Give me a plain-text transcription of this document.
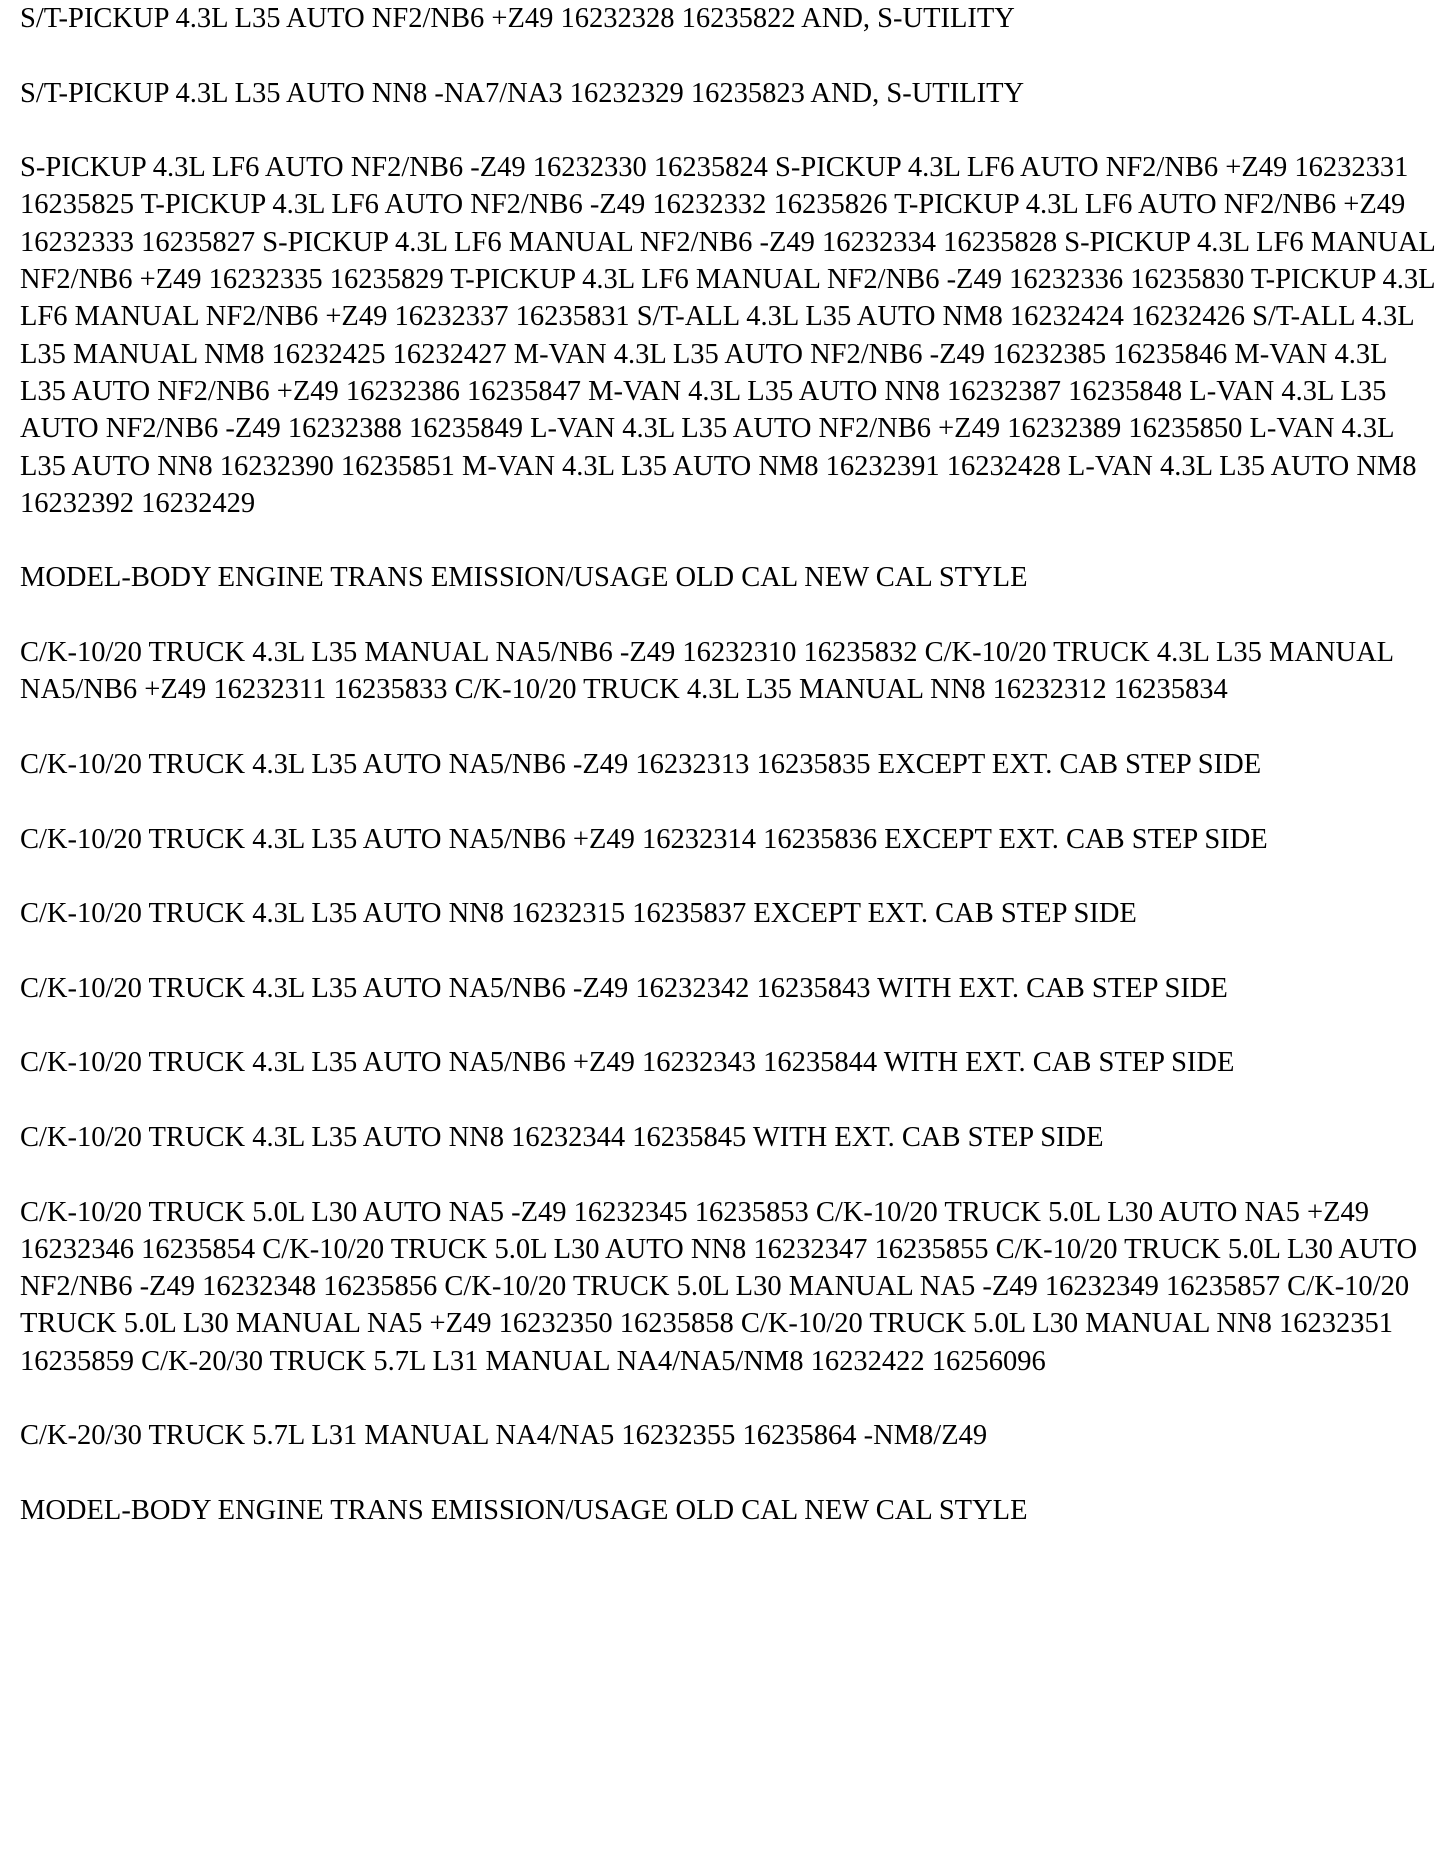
S/T-PICKUP 4.3L L35 AUTO NF2/NB6 +Z49 16232328 16235822 AND, S-UTILITY

S/T-PICKUP 4.3L L35 AUTO NN8 -NA7/NA3 16232329 16235823 AND, S-UTILITY

S-PICKUP 4.3L LF6 AUTO NF2/NB6 -Z49 16232330 16235824 S-PICKUP 4.3L LF6 AUTO NF2/NB6 +Z49 16232331 16235825 T-PICKUP 4.3L LF6 AUTO NF2/NB6 -Z49 16232332 16235826 T-PICKUP 4.3L LF6 AUTO NF2/NB6 +Z49 16232333 16235827 S-PICKUP 4.3L LF6 MANUAL NF2/NB6 -Z49 16232334 16235828 S-PICKUP 4.3L LF6 MANUAL NF2/NB6 +Z49 16232335 16235829 T-PICKUP 4.3L LF6 MANUAL NF2/NB6 -Z49 16232336 16235830 T-PICKUP 4.3L LF6 MANUAL NF2/NB6 +Z49 16232337 16235831 S/T-ALL 4.3L L35 AUTO NM8 16232424 16232426 S/T-ALL 4.3L L35 MANUAL NM8 16232425 16232427 M-VAN 4.3L L35 AUTO NF2/NB6 -Z49 16232385 16235846 M-VAN 4.3L L35 AUTO NF2/NB6 +Z49 16232386 16235847 M-VAN 4.3L L35 AUTO NN8 16232387 16235848 L-VAN 4.3L L35 AUTO NF2/NB6 -Z49 16232388 16235849 L-VAN 4.3L L35 AUTO NF2/NB6 +Z49 16232389 16235850 L-VAN 4.3L L35 AUTO NN8 16232390 16235851 M-VAN 4.3L L35 AUTO NM8 16232391 16232428 L-VAN 4.3L L35 AUTO NM8 16232392 16232429

MODEL-BODY ENGINE TRANS EMISSION/USAGE OLD CAL NEW CAL STYLE

C/K-10/20 TRUCK 4.3L L35 MANUAL NA5/NB6 -Z49 16232310 16235832 C/K-10/20 TRUCK 4.3L L35 MANUAL NA5/NB6 +Z49 16232311 16235833 C/K-10/20 TRUCK 4.3L L35 MANUAL NN8 16232312 16235834

C/K-10/20 TRUCK 4.3L L35 AUTO NA5/NB6 -Z49 16232313 16235835 EXCEPT EXT. CAB STEP SIDE

C/K-10/20 TRUCK 4.3L L35 AUTO NA5/NB6 +Z49 16232314 16235836 EXCEPT EXT. CAB STEP SIDE

C/K-10/20 TRUCK 4.3L L35 AUTO NN8 16232315 16235837 EXCEPT EXT. CAB STEP SIDE

C/K-10/20 TRUCK 4.3L L35 AUTO NA5/NB6 -Z49 16232342 16235843 WITH EXT. CAB STEP SIDE

C/K-10/20 TRUCK 4.3L L35 AUTO NA5/NB6 +Z49 16232343 16235844 WITH EXT. CAB STEP SIDE

C/K-10/20 TRUCK 4.3L L35 AUTO NN8 16232344 16235845 WITH EXT. CAB STEP SIDE

C/K-10/20 TRUCK 5.0L L30 AUTO NA5 -Z49 16232345 16235853 C/K-10/20 TRUCK 5.0L L30 AUTO NA5 +Z49 16232346 16235854 C/K-10/20 TRUCK 5.0L L30 AUTO NN8 16232347 16235855 C/K-10/20 TRUCK 5.0L L30 AUTO NF2/NB6 -Z49 16232348 16235856 C/K-10/20 TRUCK 5.0L L30 MANUAL NA5 -Z49 16232349 16235857 C/K-10/20 TRUCK 5.0L L30 MANUAL NA5 +Z49 16232350 16235858 C/K-10/20 TRUCK 5.0L L30 MANUAL NN8 16232351 16235859 C/K-20/30 TRUCK 5.7L L31 MANUAL NA4/NA5/NM8 16232422 16256096

C/K-20/30 TRUCK 5.7L L31 MANUAL NA4/NA5 16232355 16235864 -NM8/Z49

MODEL-BODY ENGINE TRANS EMISSION/USAGE OLD CAL NEW CAL STYLE
